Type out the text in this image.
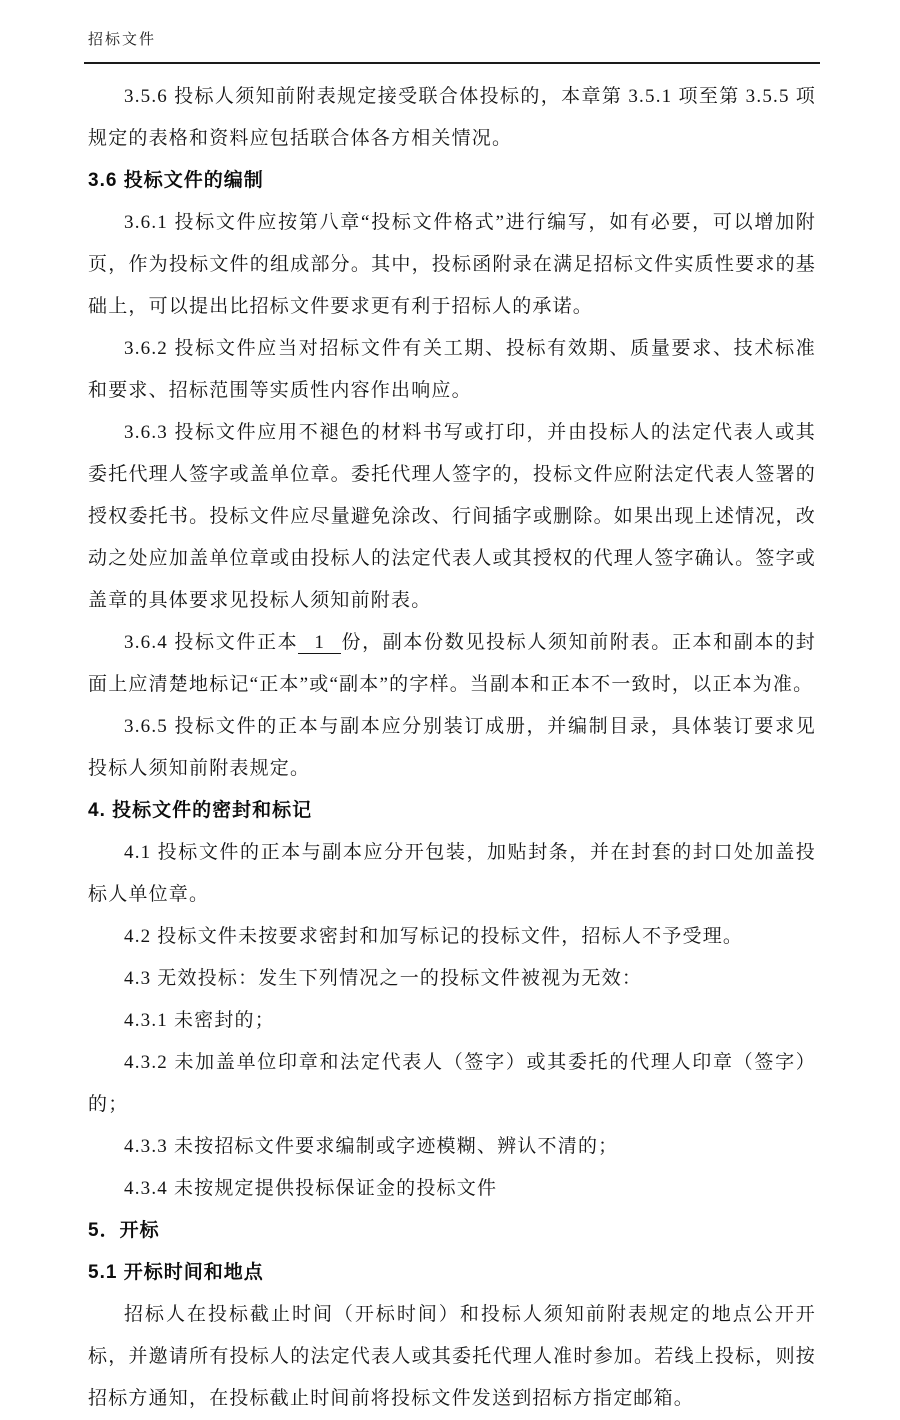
招标文件

3.5.6 投标人须知前附表规定接受联合体投标的，本章第 3.5.1 项至第 3.5.5 项规定的表格和资料应包括联合体各方相关情况。

3.6 投标文件的编制

3.6.1 投标文件应按第八章“投标文件格式”进行编写，如有必要，可以增加附页，作为投标文件的组成部分。其中，投标函附录在满足招标文件实质性要求的基础上，可以提出比招标文件要求更有利于招标人的承诺。

3.6.2 投标文件应当对招标文件有关工期、投标有效期、质量要求、技术标准和要求、招标范围等实质性内容作出响应。

3.6.3 投标文件应用不褪色的材料书写或打印，并由投标人的法定代表人或其委托代理人签字或盖单位章。委托代理人签字的，投标文件应附法定代表人签署的授权委托书。投标文件应尽量避免涂改、行间插字或删除。如果出现上述情况，改动之处应加盖单位章或由投标人的法定代表人或其授权的代理人签字确认。签字或盖章的具体要求见投标人须知前附表。

3.6.4 投标文件正本 1 份，副本份数见投标人须知前附表。正本和副本的封面上应清楚地标记“正本”或“副本”的字样。当副本和正本不一致时，以正本为准。

3.6.5 投标文件的正本与副本应分别装订成册，并编制目录，具体装订要求见投标人须知前附表规定。

4. 投标文件的密封和标记

4.1 投标文件的正本与副本应分开包装，加贴封条，并在封套的封口处加盖投标人单位章。

4.2 投标文件未按要求密封和加写标记的投标文件，招标人不予受理。

4.3 无效投标：发生下列情况之一的投标文件被视为无效：

4.3.1 未密封的；

4.3.2 未加盖单位印章和法定代表人（签字）或其委托的代理人印章（签字）的；

4.3.3 未按招标文件要求编制或字迹模糊、辨认不清的；

4.3.4 未按规定提供投标保证金的投标文件

5．开标

5.1 开标时间和地点

招标人在投标截止时间（开标时间）和投标人须知前附表规定的地点公开开标，并邀请所有投标人的法定代表人或其委托代理人准时参加。若线上投标，则按招标方通知，在投标截止时间前将投标文件发送到招标方指定邮箱。
